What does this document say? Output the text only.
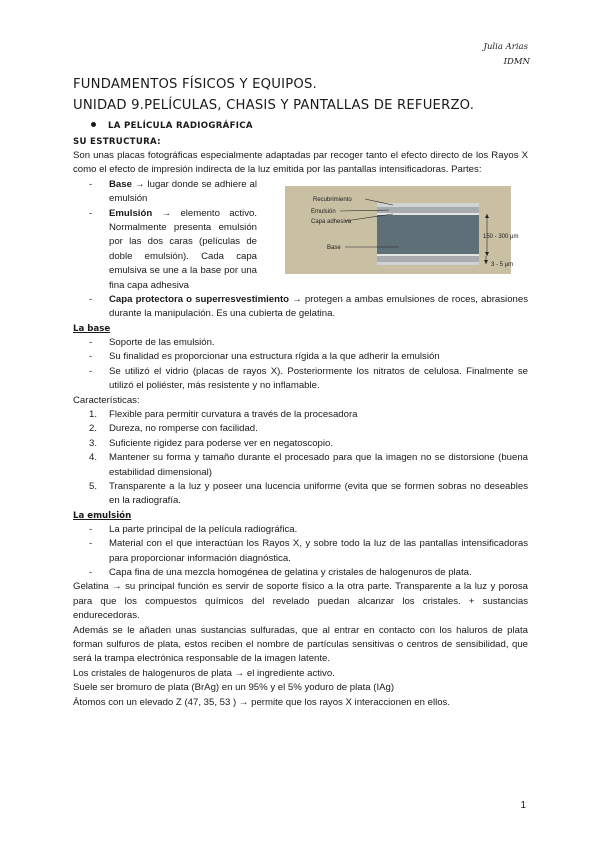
Julia Arias
IDMN
FUNDAMENTOS FÍSICOS Y EQUIPOS.
UNIDAD 9.PELÍCULAS, CHASIS Y PANTALLAS DE REFUERZO.
LA PELÍCULA RADIOGRÁFICA
SU ESTRUCTURA:

Son unas placas fotográficas especialmente adaptadas par recoger tanto el efecto directo de los Rayos X como el efecto de impresión indirecta de la luz emitida por las pantallas intensificadoras. Partes:

- Base → lugar donde se adhiere al emulsión
- Emulsión → elemento activo. Normalmente presenta emulsión por las dos caras (películas de doble emulsión). Cada capa emulsiva se une a la base por una fina capa adhesiva
Recubrimiento
Emulsión
Capa adhesiva
Base
150 - 300 μm
3 - 5 μm
- Capa protectora o superresvestimiento → protegen a ambas emulsiones de roces, abrasiones durante la manipulación. Es una cubierta de gelatina.
La base
- Soporte de las emulsión.
- Su finalidad es proporcionar una estructura rígida a la que adherir la emulsión
- Se utilizó el vidrio (placas de rayos X). Posteriormente los nitratos de celulosa. Finalmente se utilizó el poliéster, más resistente y no inflamable.

Características:

1. Flexible para permitir curvatura a través de la procesadora
2. Dureza, no romperse con facilidad.
3. Suficiente rigidez para poderse ver en negatoscopio.
4. Mantener su forma y tamaño durante el procesado para que la imagen no se distorsione (buena estabilidad dimensional)
5. Transparente a la luz y poseer una lucencia uniforme (evita que se formen sobras no deseables en la radiografía.
La emulsión
- La parte principal de la película radiográfica.
- Material con el que interactúan los Rayos X, y sobre todo la luz de las pantallas intensificadoras para proporcionar información diagnóstica.
- Capa fina de una mezcla homogénea de gelatina y cristales de halogenuros de plata.

Gelatina → su principal función es servir de soporte físico a la otra parte. Transparente a la luz y porosa para que los compuestos químicos del revelado puedan alcanzar los cristales. + sustancias endurecedoras.

Además se le añaden unas sustancias sulfuradas, que al entrar en contacto con los haluros de plata forman sulfuros de plata, estos reciben el nombre de partículas sensitivas o centros de sensibilidad, que será la trampa electrónica responsable de la imagen latente.

Los cristales de halogenuros de plata → el ingrediente activo.

Suele ser bromuro de plata (BrAg) en un 95% y el 5% yoduro de plata (IAg)

Átomos con un elevado Z (47, 35, 53 ) → permite que los rayos X interaccionen en ellos.

1
